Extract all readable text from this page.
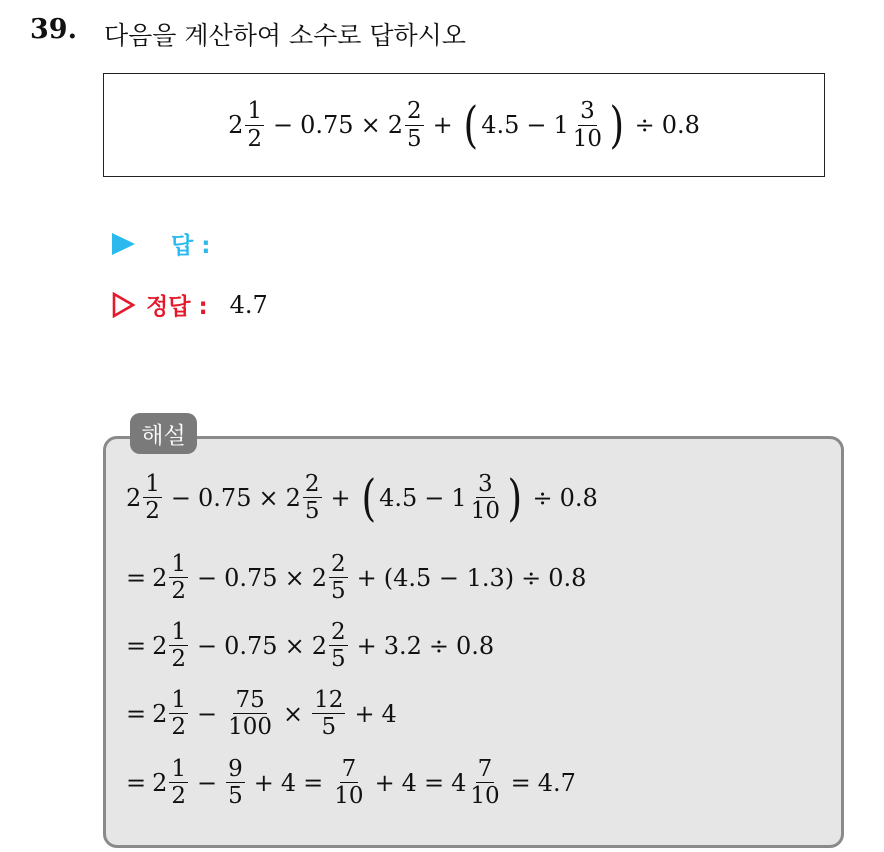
39. 다음을 계산하여 소수로 답하시오
$2 \frac{1}{2} - 0.75 \times 2 \frac{2}{5}$ + ( $4.5 - 1 \frac{3}{10}$ ) ÷ 0.8
답 :
정답 : 4.7
해설
$2 \frac{1}{2} - 0.75 \times 2 \frac{2}{5}$ + ( $4.5 - 1 \frac{3}{10}$ ) ÷ 0.8
= $2 \frac{1}{2} - 0.75 \times 2 \frac{2}{5} + (4.5 - 1.3) \div 0.8$
= $2 \frac{1}{2} - 0.75 \times 2 \frac{2}{5} + 3.2 \div 0.8$
= $2 \frac{1}{2} - \frac{75}{100} \times \frac{12}{5} + 4$
= $2 \frac{1}{2} - \frac{9}{5} + 4 = \frac{7}{10} + 4 = 4 \frac{7}{10} = 4.7$
